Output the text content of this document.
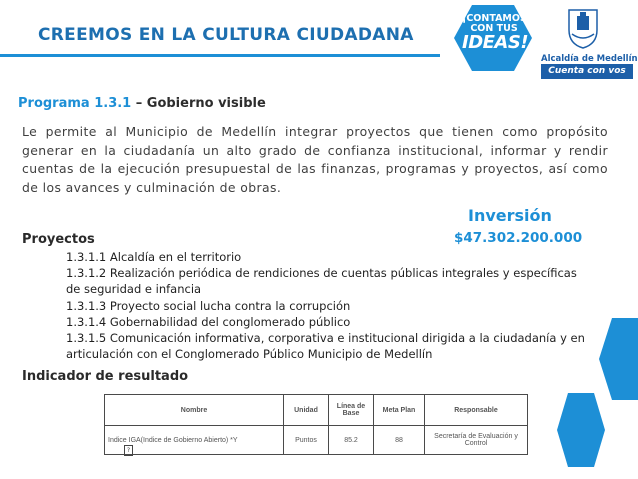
CREEMOS EN LA CULTURA CIUDADANA
¡CONTAMOS
CON TUS
IDEAS!
Alcaldía de Medellín
Cuenta con vos
Programa 1.3.1 – Gobierno visible
Le permite al Municipio de Medellín integrar proyectos que tienen como propósito generar en la ciudadanía un alto grado de confianza institucional, informar y rendir cuentas de la ejecución presupuestal de las finanzas, programas y proyectos, así como de los avances y culminación de obras.
Inversión
$47.302.200.000
Proyectos
1.3.1.1 Alcaldía en el territorio
1.3.1.2 Realización periódica de rendiciones de cuentas públicas integrales y específicas de seguridad e infancia
1.3.1.3 Proyecto social lucha contra la corrupción
1.3.1.4 Gobernabilidad del conglomerado público
1.3.1.5 Comunicación informativa, corporativa e institucional dirigida a la ciudadanía y en articulación con el Conglomerado Público Municipio de Medellín
Indicador de resultado
Nombre	Unidad	Línea de Base	Meta Plan	Responsable
Indice IGA(Indice de Gobierno Abierto) *Y	Puntos	85.2	88	Secretaría de Evaluación y Control
?
